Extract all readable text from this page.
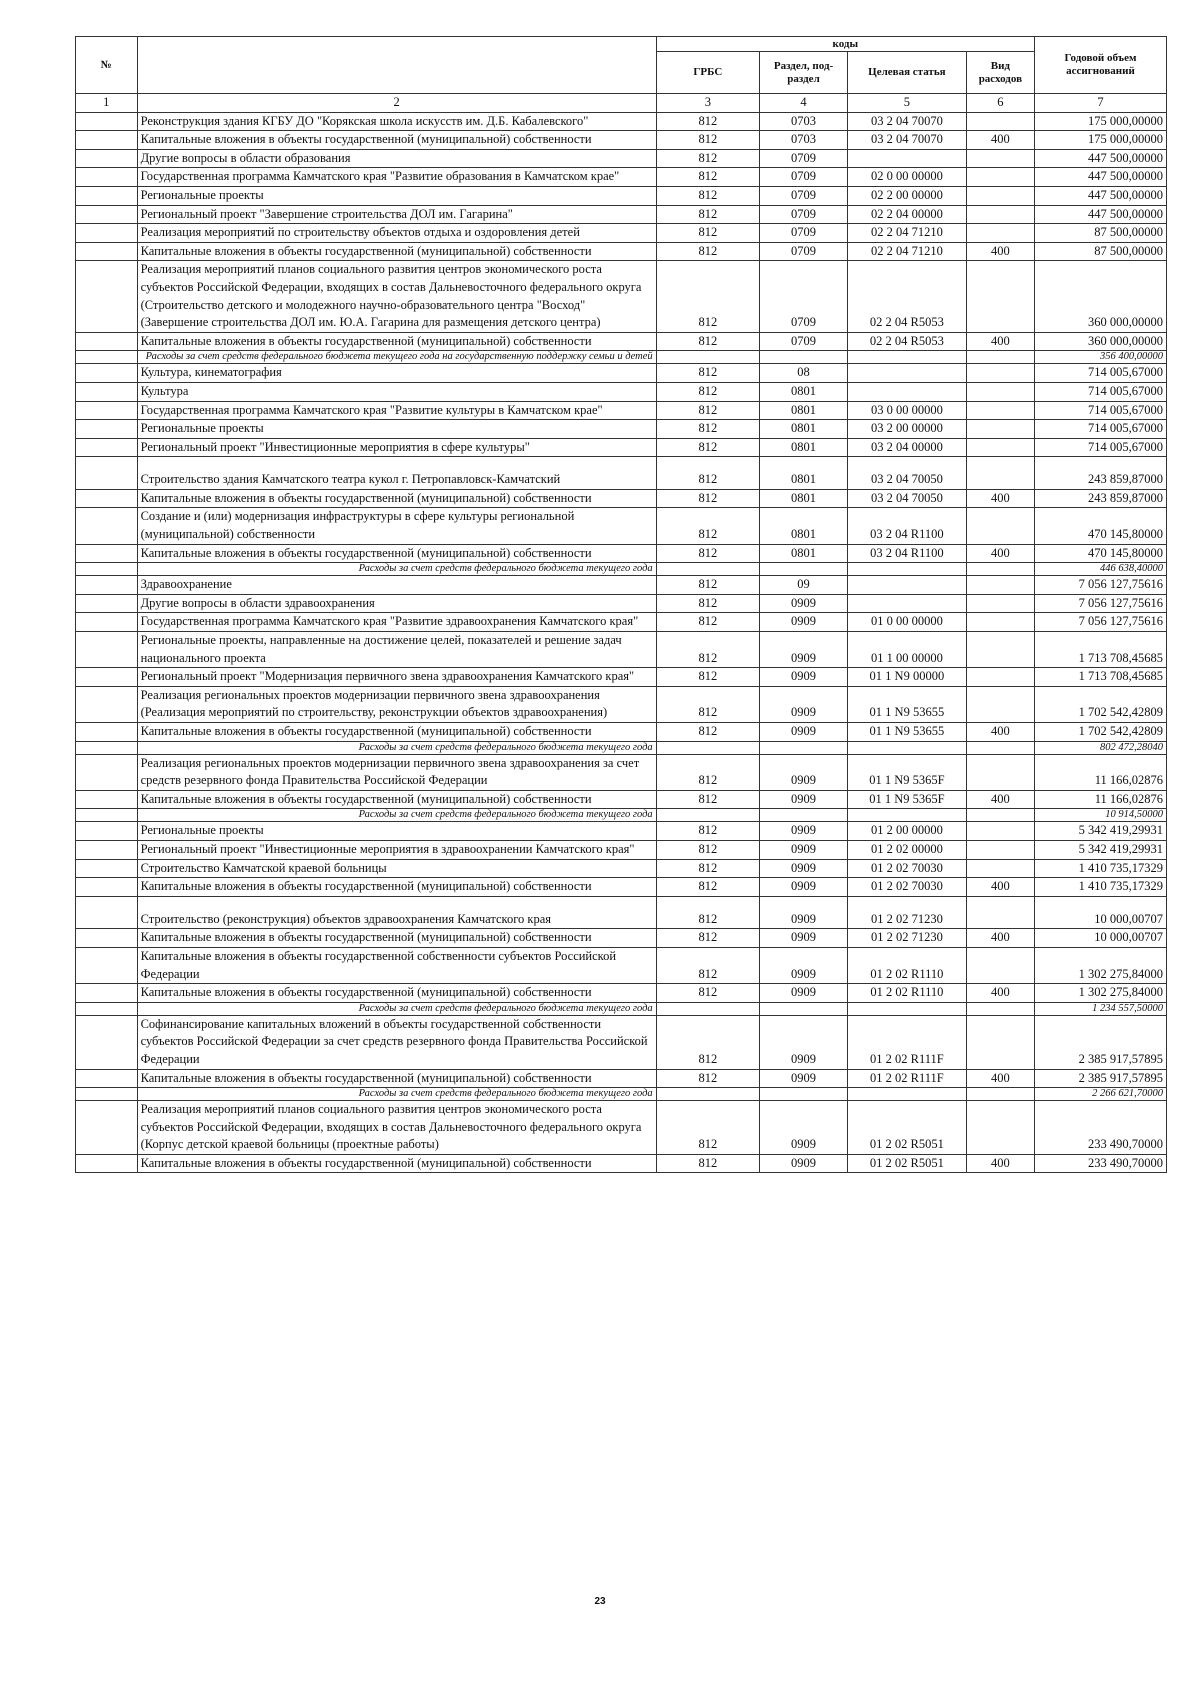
№		коды				Годовой объем ассигнований
		ГРБС	Раздел, под-раздел	Целевая статья	Вид расходов	
1	2	3	4	5	6	7
	Реконструкция здания КГБУ ДО "Корякская школа искусств им. Д.Б. Кабалевского"	812	0703	03 2 04 70070		175 000,00000
	Капитальные вложения в объекты государственной (муниципальной) собственности	812	0703	03 2 04 70070	400	175 000,00000
	Другие вопросы в области образования	812	0709			447 500,00000
	Государственная программа Камчатского края "Развитие образования в Камчатском крае"	812	0709	02 0 00 00000		447 500,00000
	Региональные проекты	812	0709	02 2 00 00000		447 500,00000
	Региональный проект "Завершение строительства ДОЛ им. Гагарина"	812	0709	02 2 04 00000		447 500,00000
	Реализация мероприятий по строительству объектов отдыха и оздоровления детей	812	0709	02 2 04 71210		87 500,00000
	Капитальные вложения в объекты государственной (муниципальной) собственности	812	0709	02 2 04 71210	400	87 500,00000
	Реализация мероприятий планов социального развития центров экономического роста субъектов Российской Федерации, входящих в состав Дальневосточного федерального округа (Строительство детского и молодежного научно-образовательного центра "Восход" (Завершение строительства ДОЛ им. Ю.А. Гагарина для размещения детского центра)	812	0709	02 2 04 R5053		360 000,00000
	Капитальные вложения в объекты государственной (муниципальной) собственности	812	0709	02 2 04 R5053	400	360 000,00000
	Расходы за счет средств федерального бюджета текущего года на государственную поддержку семьи и детей					356 400,00000
	Культура, кинематография	812	08			714 005,67000
	Культура	812	0801			714 005,67000
	Государственная программа Камчатского края "Развитие культуры в Камчатском крае"	812	0801	03 0 00 00000		714 005,67000
	Региональные проекты	812	0801	03 2 00 00000		714 005,67000
	Региональный проект "Инвестиционные мероприятия в сфере культуры"	812	0801	03 2 04 00000		714 005,67000
	Строительство здания Камчатского театра кукол г. Петропавловск-Камчатский	812	0801	03 2 04 70050		243 859,87000
	Капитальные вложения в объекты государственной (муниципальной) собственности	812	0801	03 2 04 70050	400	243 859,87000
	Создание и (или) модернизация инфраструктуры в сфере культуры региональной (муниципальной) собственности	812	0801	03 2 04 R1100		470 145,80000
	Капитальные вложения в объекты государственной (муниципальной) собственности	812	0801	03 2 04 R1100	400	470 145,80000
	Расходы за счет средств федерального бюджета текущего года					446 638,40000
	Здравоохранение	812	09			7 056 127,75616
	Другие вопросы в области здравоохранения	812	0909			7 056 127,75616
	Государственная программа Камчатского края "Развитие здравоохранения Камчатского края"	812	0909	01 0 00 00000		7 056 127,75616
	Региональные проекты, направленные на достижение целей, показателей и решение задач национального проекта	812	0909	01 1 00 00000		1 713 708,45685
	Региональный проект "Модернизация первичного звена здравоохранения Камчатского края"	812	0909	01 1 N9 00000		1 713 708,45685
	Реализация региональных проектов модернизации первичного звена здравоохранения (Реализация мероприятий по строительству, реконструкции объектов здравоохранения)	812	0909	01 1 N9 53655		1 702 542,42809
	Капитальные вложения в объекты государственной (муниципальной) собственности	812	0909	01 1 N9 53655	400	1 702 542,42809
	Расходы за счет средств федерального бюджета текущего года					802 472,28040
	Реализация региональных проектов модернизации первичного звена здравоохранения за счет средств резервного фонда Правительства Российской Федерации	812	0909	01 1 N9 5365F		11 166,02876
	Капитальные вложения в объекты государственной (муниципальной) собственности	812	0909	01 1 N9 5365F	400	11 166,02876
	Расходы за счет средств федерального бюджета текущего года					10 914,50000
	Региональные проекты	812	0909	01 2 00 00000		5 342 419,29931
	Региональный проект "Инвестиционные мероприятия в здравоохранении Камчатского края"	812	0909	01 2 02 00000		5 342 419,29931
	Строительство Камчатской краевой больницы	812	0909	01 2 02 70030		1 410 735,17329
	Капитальные вложения в объекты государственной (муниципальной) собственности	812	0909	01 2 02 70030	400	1 410 735,17329
	Строительство (реконструкция) объектов здравоохранения Камчатского края	812	0909	01 2 02 71230		10 000,00707
	Капитальные вложения в объекты государственной (муниципальной) собственности	812	0909	01 2 02 71230	400	10 000,00707
	Капитальные вложения в объекты государственной собственности субъектов Российской Федерации	812	0909	01 2 02 R1110		1 302 275,84000
	Капитальные вложения в объекты государственной (муниципальной) собственности	812	0909	01 2 02 R1110	400	1 302 275,84000
	Расходы за счет средств федерального бюджета текущего года					1 234 557,50000
	Софинансирование капитальных вложений в объекты государственной собственности субъектов Российской Федерации за счет средств резервного фонда Правительства Российской Федерации	812	0909	01 2 02 R111F		2 385 917,57895
	Капитальные вложения в объекты государственной (муниципальной) собственности	812	0909	01 2 02 R111F	400	2 385 917,57895
	Расходы за счет средств федерального бюджета текущего года					2 266 621,70000
	Реализация мероприятий планов социального развития центров экономического роста субъектов Российской Федерации, входящих в состав Дальневосточного федерального округа (Корпус детской краевой больницы (проектные работы)	812	0909	01 2 02 R5051		233 490,70000
	Капитальные вложения в объекты государственной (муниципальной) собственности	812	0909	01 2 02 R5051	400	233 490,70000
23
